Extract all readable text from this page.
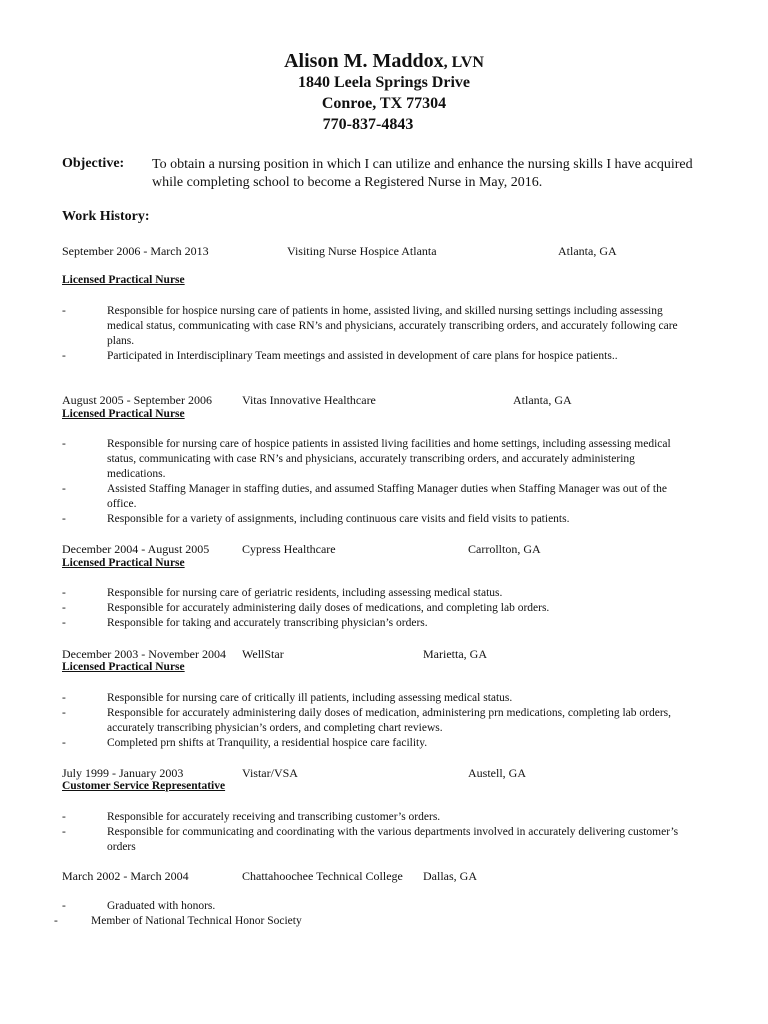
Alison M. Maddox, LVN
1840 Leela Springs Drive
Conroe, TX 77304
770-837-4843
Objective: To obtain a nursing position in which I can utilize and enhance the nursing skills I have acquired while completing school to become a Registered Nurse in May, 2016.
Work History:
September 2006 - March 2013	Visiting Nurse Hospice Atlanta	Atlanta, GA
Licensed Practical Nurse
-	Responsible for hospice nursing care of patients in home, assisted living, and skilled nursing settings including assessing medical status, communicating with case RN’s and physicians, accurately transcribing orders, and accurately following care plans.
-	Participated in Interdisciplinary Team meetings and assisted in development of care plans for hospice patients..
August 2005 - September 2006	Vitas Innovative Healthcare	Atlanta, GA
Licensed Practical Nurse
-	Responsible for nursing care of hospice patients in assisted living facilities and home settings, including assessing medical status, communicating with case RN’s and physicians, accurately transcribing orders, and accurately administering medications.
-	Assisted Staffing Manager in staffing duties, and assumed Staffing Manager duties when Staffing Manager was out of the office.
-	Responsible for a variety of assignments, including continuous care visits and field visits to patients.
December 2004 - August 2005	Cypress Healthcare	Carrollton, GA
Licensed Practical Nurse
-	Responsible for nursing care of geriatric residents, including assessing medical status.
-	Responsible for accurately administering daily doses of medications, and completing lab orders.
-	Responsible for taking and accurately transcribing physician’s orders.
December 2003 - November 2004 WellStar	Marietta, GA
Licensed Practical Nurse
-	Responsible for nursing care of critically ill patients, including assessing medical status.
-	Responsible for accurately administering daily doses of medication, administering prn medications, completing lab orders, accurately transcribing physician’s orders, and completing chart reviews.
-	Completed prn shifts at Tranquility, a residential hospice care facility.
July 1999 - January 2003	Vistar/VSA	Austell, GA
Customer Service Representative
-	Responsible for accurately receiving and transcribing customer’s orders.
-	Responsible for communicating and coordinating with the various departments involved in accurately delivering customer’s orders
March 2002 - March 2004	Chattahoochee Technical College Dallas, GA
-	Graduated with honors.
-	Member of National Technical Honor Society
